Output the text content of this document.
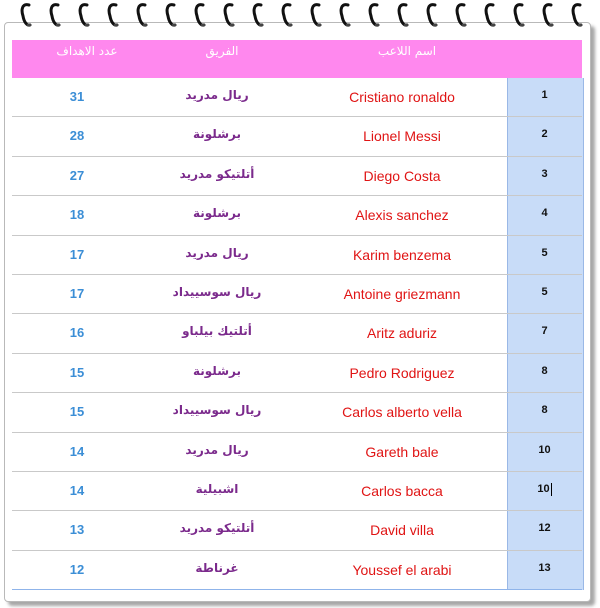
عدد الاهداف	الفريق	اسم اللاعب
31	ريال مدريد	Cristiano ronaldo	1
28	برشلونة	Lionel Messi	2
27	أتلتيكو مدريد	Diego Costa	3
18	برشلونة	Alexis sanchez	4
17	ريال مدريد	Karim benzema	5
17	ريال سوسييداد	Antoine griezmann	5
16	أتلتيك بيلباو	Aritz aduriz	7
15	برشلونة	Pedro Rodriguez	8
15	ريال سوسييداد	Carlos alberto vella	8
14	ريال مدريد	Gareth bale	10
14	اشبيلية	Carlos bacca	10
13	أتلتيكو مدريد	David villa	12
12	غرناطة	Youssef el arabi	13
